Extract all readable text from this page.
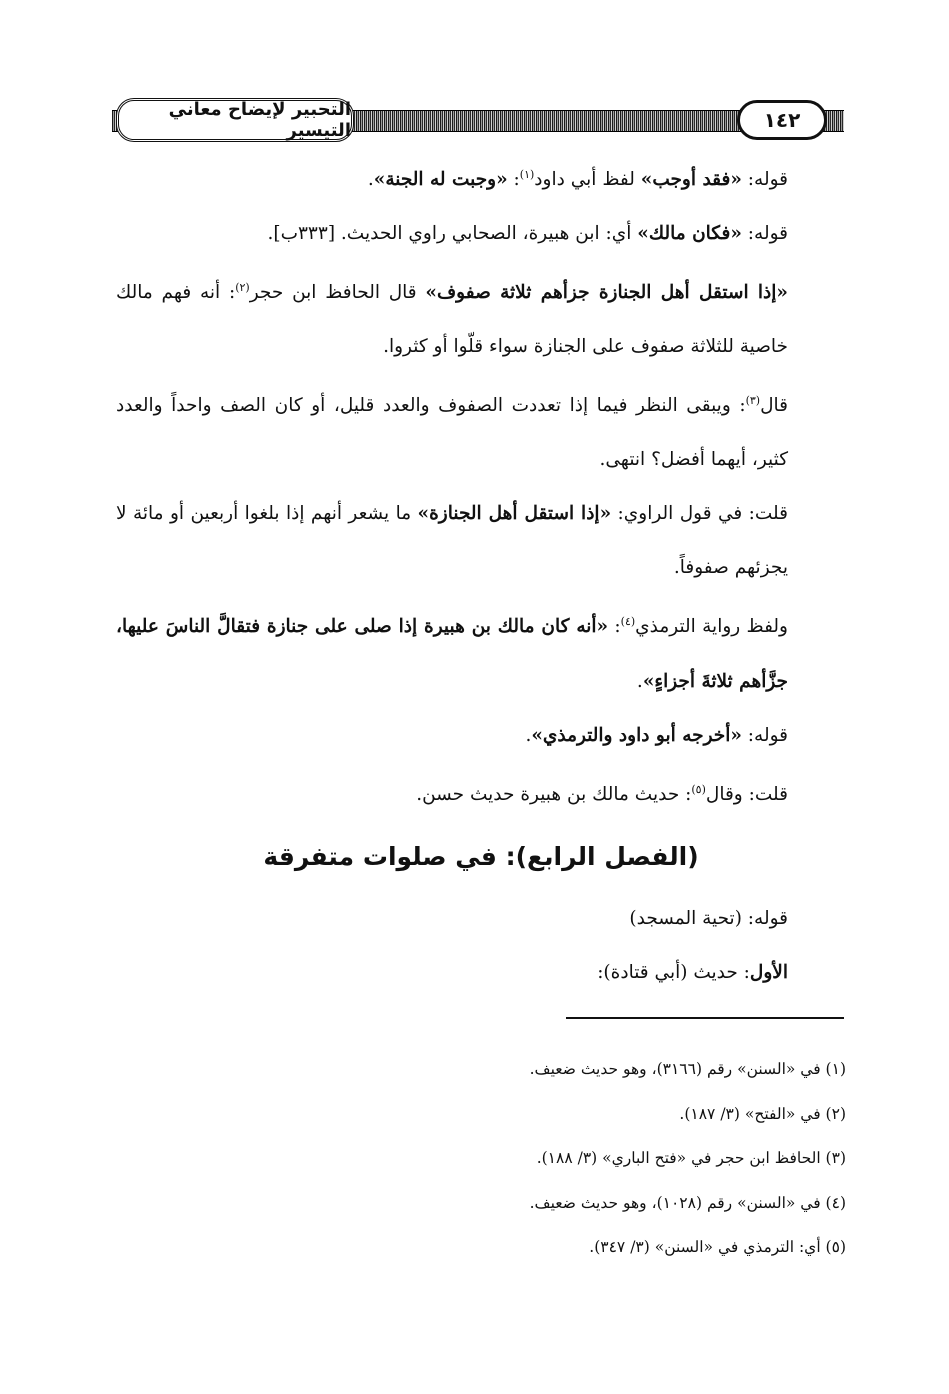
التحبير لإيضاح معاني التيسير	١٤٢

قوله: «فقد أوجب» لفظ أبي داود$^{(١)}$: «وجبت له الجنة».

قوله: «فكان مالك» أي: ابن هبيرة، الصحابي راوي الحديث. [٣٣٣ب].

«إذا استقل أهل الجنازة جزأهم ثلاثة صفوف» قال الحافظ ابن حجر$^{(٢)}$: أنه فهم مالك خاصية للثلاثة صفوف على الجنازة سواء قلّوا أو كثروا.

قال$^{(٣)}$: ويبقى النظر فيما إذا تعددت الصفوف والعدد قليل، أو كان الصف واحداً والعدد كثير، أيهما أفضل؟ انتهى.

قلت: في قول الراوي: «إذا استقل أهل الجنازة» ما يشعر أنهم إذا بلغوا أربعين أو مائة لا يجزئهم صفوفاً.

ولفظ رواية الترمذي$^{(٤)}$: «أنه كان مالك بن هبيرة إذا صلى على جنازة فتقالَّ الناسَ عليها، جزَّأهم ثلاثةَ أجزاءٍ».

قوله: «أخرجه أبو داود والترمذي».

قلت: وقال$^{(٥)}$: حديث مالك بن هبيرة حديث حسن.

(الفصل الرابع): في صلوات متفرقة

قوله: (تحية المسجد)

الأول: حديث (أبي قتادة):

(١) في «السنن» رقم (٣١٦٦)، وهو حديث ضعيف.

(٢) في «الفتح» (٣/ ١٨٧).

(٣) الحافظ ابن حجر في «فتح الباري» (٣/ ١٨٨).

(٤) في «السنن» رقم (١٠٢٨)، وهو حديث ضعيف.

(٥) أي: الترمذي في «السنن» (٣/ ٣٤٧).
